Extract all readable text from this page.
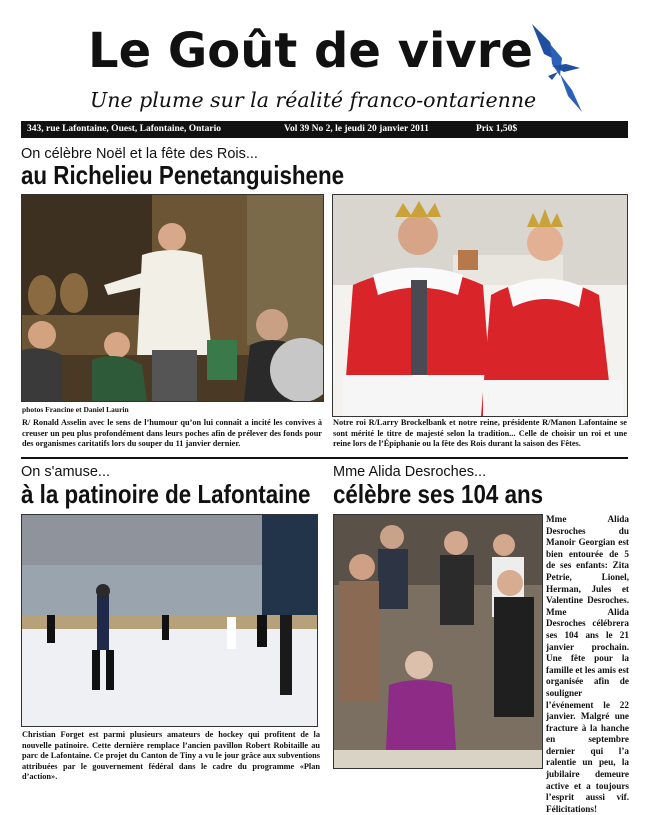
Le Goût de vivre
Une plume sur la réalité franco-ontarienne
343, rue Lafontaine, Ouest, Lafontaine, Ontario	Vol 39 No 2, le jeudi 20 janvier 2011	Prix 1,50$
On célèbre Noël et la fête des Rois...
au Richelieu Penetanguishene
photos Francine et Daniel Laurin
R/ Ronald Asselin avec le sens de l’humour qu’on lui connaît a incité les convives à creuser un peu plus profondément dans leurs poches afin de prélever des fonds pour des organismes caritatifs lors du souper du 11 janvier dernier.
Notre roi R/Larry Brockelbank et notre reine, présidente R/Manon Lafontaine se sont mérité le titre de majesté selon la tradition... Celle de choisir un roi et une reine lors de l’Épiphanie ou la fête des Rois durant la saison des Fêtes.
On s'amuse...
à la patinoire de Lafontaine
Christian Forget est parmi plusieurs amateurs de hockey qui profitent de la nouvelle patinoire. Cette dernière remplace l’ancien pavillon Robert Robitaille au parc de Lafontaine. Ce projet du Canton de Tiny a vu le jour grâce aux subventions attribuées par le gouvernement fédéral dans le cadre du programme «Plan d’action».
Mme Alida Desroches...
célèbre ses 104 ans
Mme Alida Desroches du Manoir Georgian est bien entourée de 5 de ses enfants: Zita Petrie, Lionel, Herman, Jules et Valentine Desroches. Mme Alida Desroches célébrera ses 104 ans le 21 janvier prochain. Une fête pour la famille et les amis est organisée afin de souligner l’événement le 22 janvier. Malgré une fracture à la hanche en septembre dernier qui l’a ralentie un peu, la jubilaire demeure active et a toujours l’esprit aussi vif. Félicitations!
